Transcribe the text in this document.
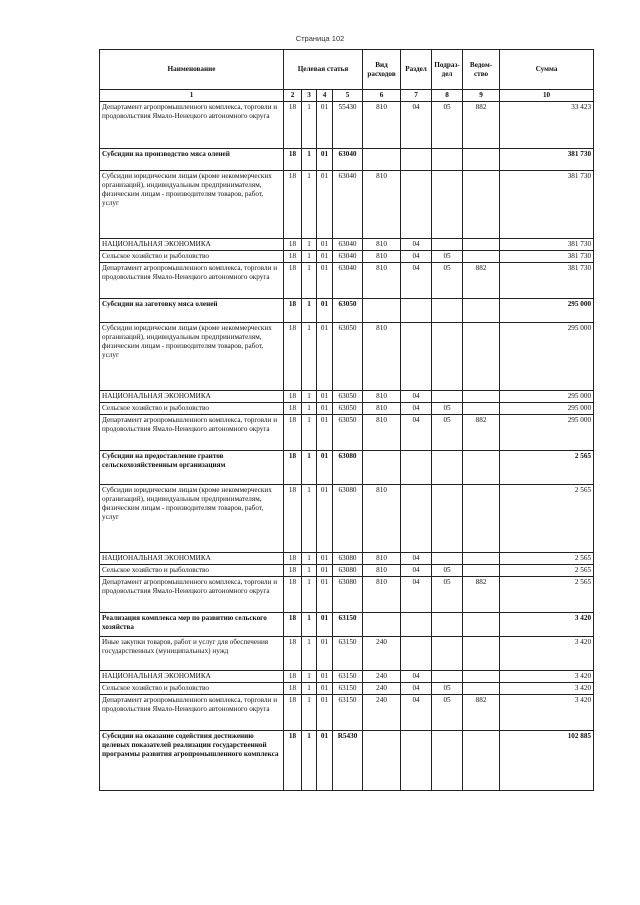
Страница 102
Наименование	Целевая статья				Вид расходов	Раздел	Подраз-дел	Ведом-ство	Сумма
1	2	3	4	5	6	7	8	9	10
Департамент агропромышленного комплекса, торговли и продовольствия Ямало-Ненецкого автономного округа	18	1	01	55430	810	04	05	882	33 423
Субсидии на производство мяса оленей	18	1	01	63040					381 730
Субсидии юридическим лицам (кроме некоммерческих организаций), индивидуальным предпринимателям, физическим лицам - производителям товаров, работ, услуг	18	1	01	63040	810				381 730
НАЦИОНАЛЬНАЯ ЭКОНОМИКА	18	1	01	63040	810	04			381 730
Сельское хозяйство и рыболовство	18	1	01	63040	810	04	05		381 730
Департамент агропромышленного комплекса, торговли и продовольствия Ямало-Ненецкого автономного округа	18	1	01	63040	810	04	05	882	381 730
Субсидии на заготовку мяса оленей	18	1	01	63050					295 000
Субсидии юридическим лицам (кроме некоммерческих организаций), индивидуальным предпринимателям, физическим лицам - производителям товаров, работ, услуг	18	1	01	63050	810				295 000
НАЦИОНАЛЬНАЯ ЭКОНОМИКА	18	1	01	63050	810	04			295 000
Сельское хозяйство и рыболовство	18	1	01	63050	810	04	05		295 000
Департамент агропромышленного комплекса, торговли и продовольствия Ямало-Ненецкого автономного округа	18	1	01	63050	810	04	05	882	295 000
Субсидии на предоставление грантов сельскохозяйственным организациям	18	1	01	63080					2 565
Субсидии юридическим лицам (кроме некоммерческих организаций), индивидуальным предпринимателям, физическим лицам - производителям товаров, работ, услуг	18	1	01	63080	810				2 565
НАЦИОНАЛЬНАЯ ЭКОНОМИКА	18	1	01	63080	810	04			2 565
Сельское хозяйство и рыболовство	18	1	01	63080	810	04	05		2 565
Департамент агропромышленного комплекса, торговли и продовольствия Ямало-Ненецкого автономного округа	18	1	01	63080	810	04	05	882	2 565
Реализация комплекса мер по развитию сельского хозяйства	18	1	01	63150					3 420
Иные закупки товаров, работ и услуг для обеспечения государственных (муниципальных) нужд	18	1	01	63150	240				3 420
НАЦИОНАЛЬНАЯ ЭКОНОМИКА	18	1	01	63150	240	04			3 420
Сельское хозяйство и рыболовство	18	1	01	63150	240	04	05		3 420
Департамент агропромышленного комплекса, торговли и продовольствия Ямало-Ненецкого автономного округа	18	1	01	63150	240	04	05	882	3 420
Субсидии на оказание содействия достижению целевых показателей реализации государственной программы развития агропромышленного комплекса	18	1	01	R5430					102 885
